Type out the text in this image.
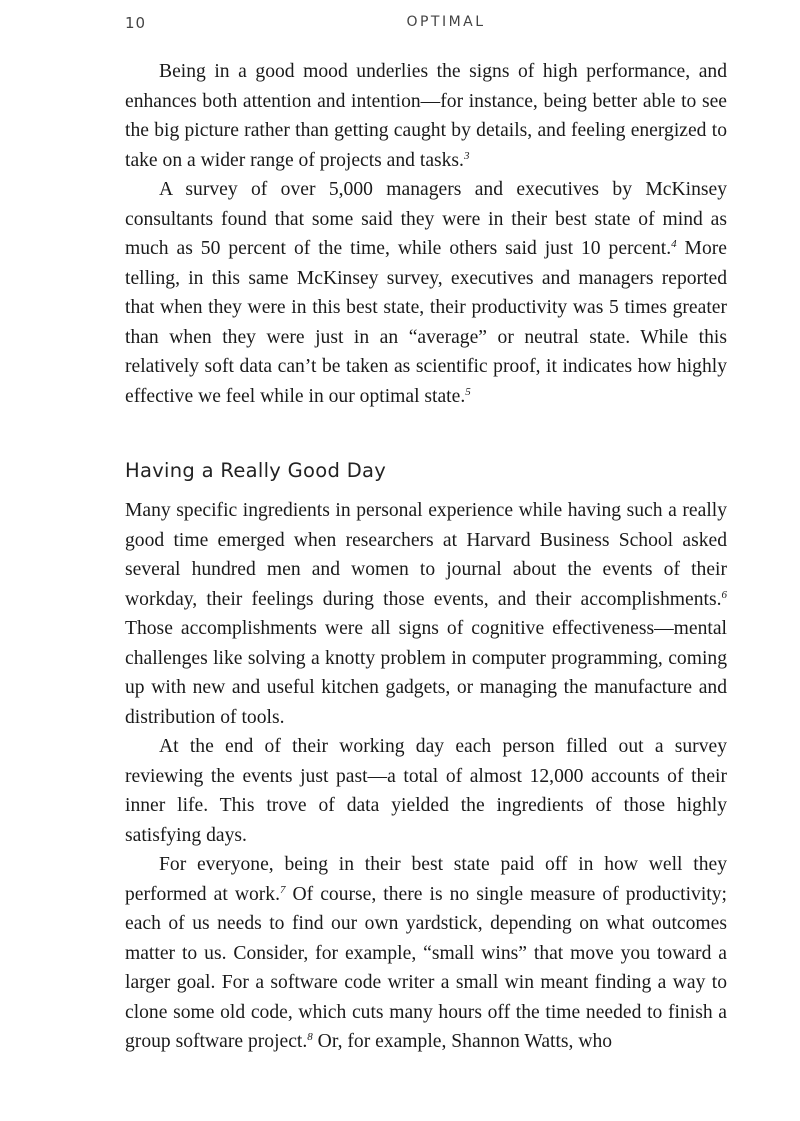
10	OPTIMAL

Being in a good mood underlies the signs of high performance, and enhances both attention and intention—for instance, being better able to see the big picture rather than getting caught by details, and feeling energized to take on a wider range of projects and tasks.$^3$

A survey of over 5,000 managers and executives by McKinsey consultants found that some said they were in their best state of mind as much as 50 percent of the time, while others said just 10 percent.$^4$ More telling, in this same McKinsey survey, executives and managers reported that when they were in this best state, their productivity was 5 times greater than when they were just in an “average” or neutral state. While this relatively soft data can’t be taken as scientific proof, it indicates how highly effective we feel while in our optimal state.$^5$

Having a Really Good Day

Many specific ingredients in personal experience while having such a really good time emerged when researchers at Harvard Business School asked several hundred men and women to journal about the events of their workday, their feelings during those events, and their accomplishments.$^6$ Those accomplishments were all signs of cognitive effectiveness—mental challenges like solving a knotty problem in computer programming, coming up with new and useful kitchen gadgets, or managing the manufacture and distribution of tools.

At the end of their working day each person filled out a survey reviewing the events just past—a total of almost 12,000 accounts of their inner life. This trove of data yielded the ingredients of those highly satisfying days.

For everyone, being in their best state paid off in how well they performed at work.$^7$ Of course, there is no single measure of productivity; each of us needs to find our own yardstick, depending on what outcomes matter to us. Consider, for example, “small wins” that move you toward a larger goal. For a software code writer a small win meant finding a way to clone some old code, which cuts many hours off the time needed to finish a group software project.$^8$ Or, for example, Shannon Watts, who
